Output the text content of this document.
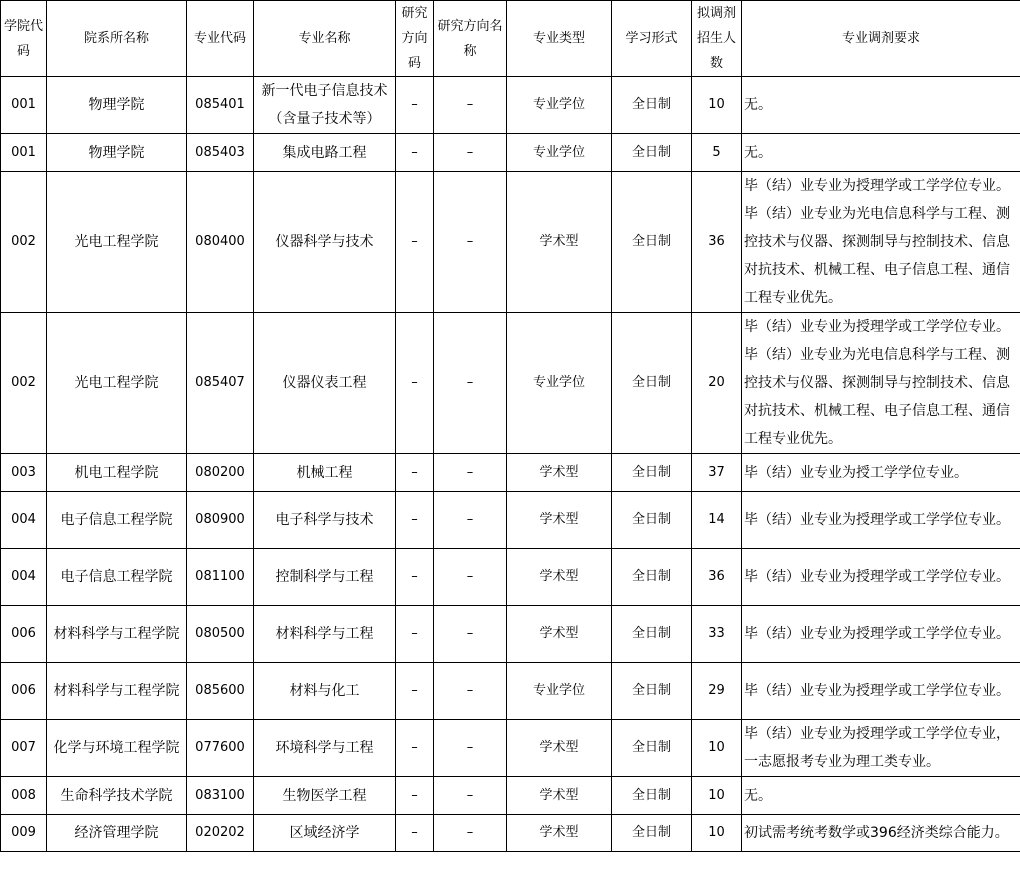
学院代码	院系所名称	专业代码	专业名称	研究方向码	研究方向名称	专业类型	学习形式	拟调剂招生人数	专业调剂要求
001	物理学院	085401	新一代电子信息技术（含量子技术等）	–	–	专业学位	全日制	10	无。
001	物理学院	085403	集成电路工程	–	–	专业学位	全日制	5	无。
002	光电工程学院	080400	仪器科学与技术	–	–	学术型	全日制	36	毕（结）业专业为授理学或工学学位专业。毕（结）业专业为光电信息科学与工程、测控技术与仪器、探测制导与控制技术、信息对抗技术、机械工程、电子信息工程、通信工程专业优先。
002	光电工程学院	085407	仪器仪表工程	–	–	专业学位	全日制	20	毕（结）业专业为授理学或工学学位专业。毕（结）业专业为光电信息科学与工程、测控技术与仪器、探测制导与控制技术、信息对抗技术、机械工程、电子信息工程、通信工程专业优先。
003	机电工程学院	080200	机械工程	–	–	学术型	全日制	37	毕（结）业专业为授工学学位专业。
004	电子信息工程学院	080900	电子科学与技术	–	–	学术型	全日制	14	毕（结）业专业为授理学或工学学位专业。
004	电子信息工程学院	081100	控制科学与工程	–	–	学术型	全日制	36	毕（结）业专业为授理学或工学学位专业。
006	材料科学与工程学院	080500	材料科学与工程	–	–	学术型	全日制	33	毕（结）业专业为授理学或工学学位专业。
006	材料科学与工程学院	085600	材料与化工	–	–	专业学位	全日制	29	毕（结）业专业为授理学或工学学位专业。
007	化学与环境工程学院	077600	环境科学与工程	–	–	学术型	全日制	10	毕（结）业专业为授理学或工学学位专业，一志愿报考专业为理工类专业。
008	生命科学技术学院	083100	生物医学工程	–	–	学术型	全日制	10	无。
009	经济管理学院	020202	区域经济学	–	–	学术型	全日制	10	初试需考统考数学或396经济类综合能力。
